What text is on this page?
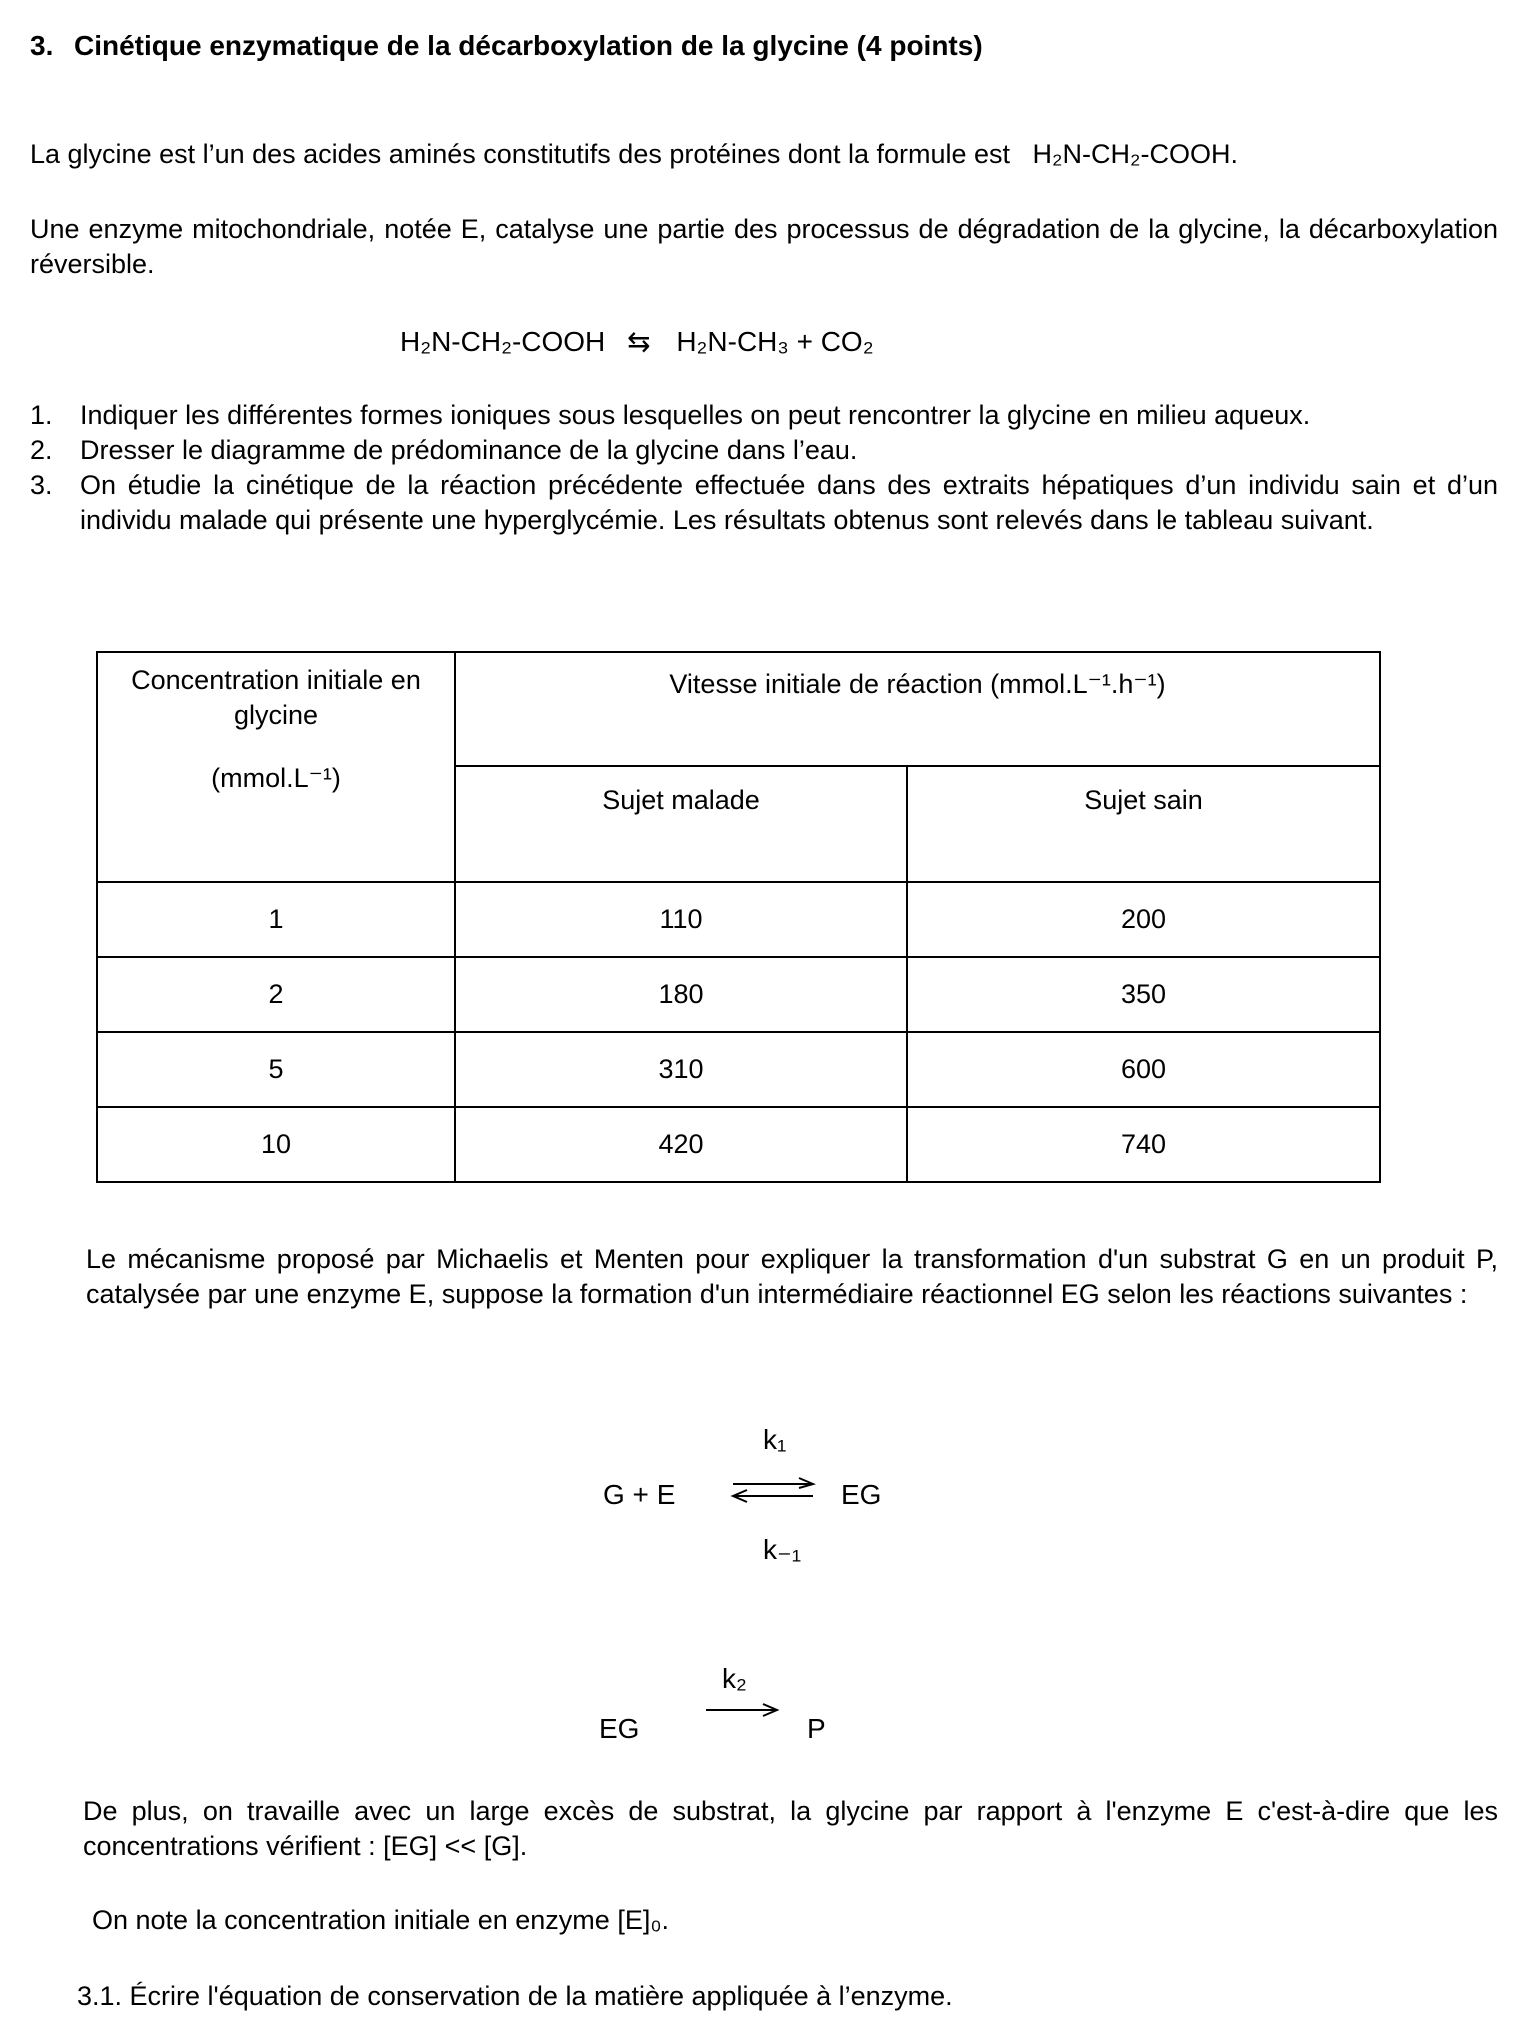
3. Cinétique enzymatique de la décarboxylation de la glycine (4 points)
La glycine est l’un des acides aminés constitutifs des protéines dont la formule est H₂N-CH₂-COOH.
Une enzyme mitochondriale, notée E, catalyse une partie des processus de dégradation de la glycine, la décarboxylation réversible.
H₂N-CH₂-COOH ⇆ H₂N-CH₃ + CO₂
1. Indiquer les différentes formes ioniques sous lesquelles on peut rencontrer la glycine en milieu aqueux.
2. Dresser le diagramme de prédominance de la glycine dans l’eau.
3. On étudie la cinétique de la réaction précédente effectuée dans des extraits hépatiques d’un individu sain et d’un individu malade qui présente une hyperglycémie. Les résultats obtenus sont relevés dans le tableau suivant.
Concentration initiale en glycine
(mmol.L⁻¹)	Vitesse initiale de réaction (mmol.L⁻¹.h⁻¹)	
	Sujet malade	Sujet sain
1	110	200
2	180	350
5	310	600
10	420	740
Le mécanisme proposé par Michaelis et Menten pour expliquer la transformation d'un substrat G en un produit P, catalysée par une enzyme E, suppose la formation d'un intermédiaire réactionnel EG selon les réactions suivantes :
G + E
k₁
EG
k₋₁
k₂
EG	P
De plus, on travaille avec un large excès de substrat, la glycine par rapport à l'enzyme E c'est-à-dire que les concentrations vérifient : [EG] << [G].
On note la concentration initiale en enzyme [E]₀.
3.1. Écrire l'équation de conservation de la matière appliquée à l’enzyme.
